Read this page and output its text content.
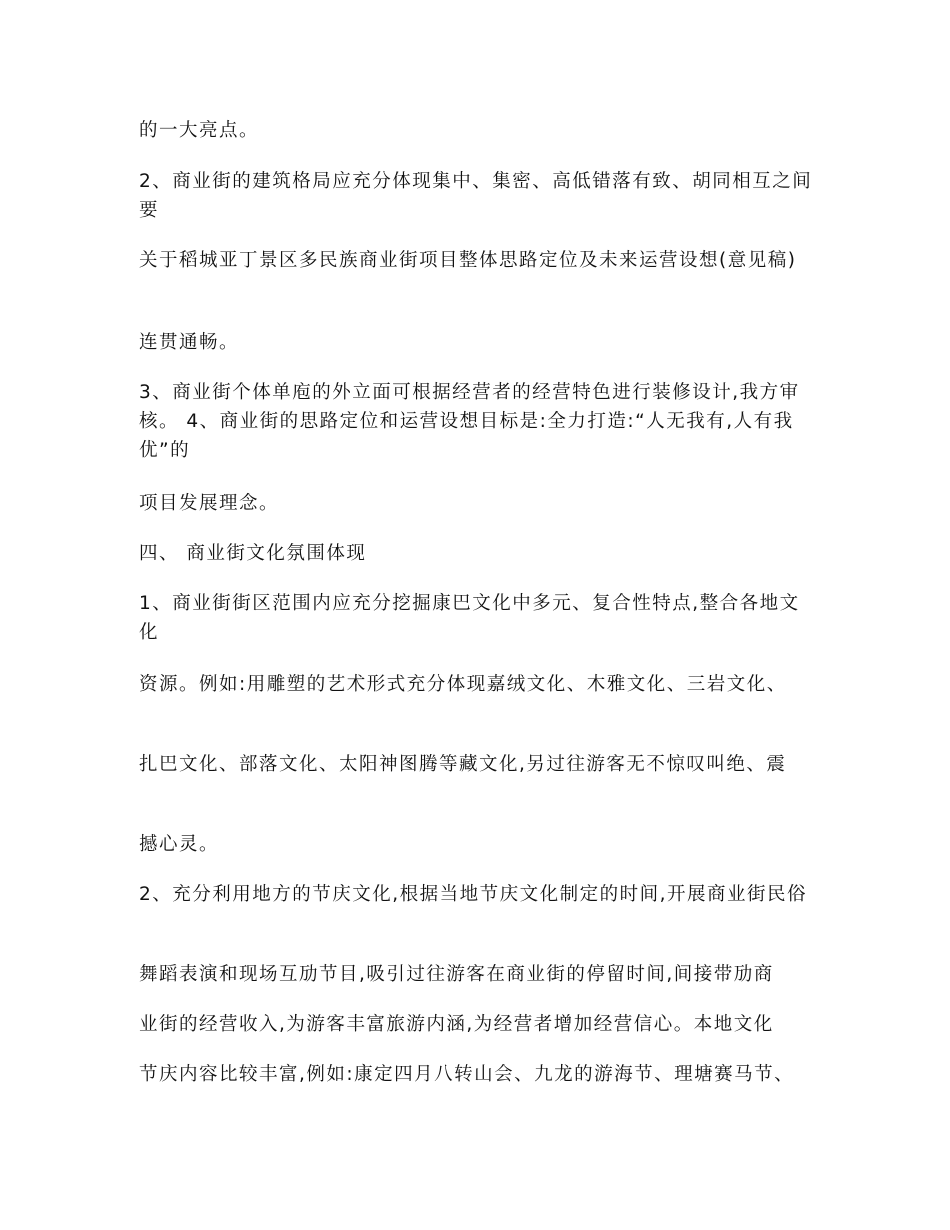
的一大亮点。

2、商业街的建筑格局应充分体现集中、集密、高低错落有致、胡同相互之间要

关于稻城亚丁景区多民族商业街项目整体思路定位及未来运营设想(意见稿)

连贯通畅。

3、商业街个体单庖的外立面可根据经营者的经营特色进行装修设计,我方审核。 4、商业街的思路定位和运营设想目标是:全力打造:“人无我有,人有我优”的

项目发展理念。

四、 商业街文化氛围体现

1、商业街街区范围内应充分挖掘康巴文化中多元、复合性特点,整合各地文化

资源。例如:用雕塑的艺术形式充分体现嘉绒文化、木雅文化、三岩文化、

扎巴文化、部落文化、太阳神图腾等藏文化,另过往游客无不惊叹叫绝、震

撼心灵。

2、充分利用地方的节庆文化,根据当地节庆文化制定的时间,开展商业街民俗

舞蹈表演和现场互劢节目,吸引过往游客在商业街的停留时间,间接带劢商

业街的经营收入,为游客丰富旅游内涵,为经营者增加经营信心。本地文化

节庆内容比较丰富,例如:康定四月八转山会、九龙的游海节、理塘赛马节、
